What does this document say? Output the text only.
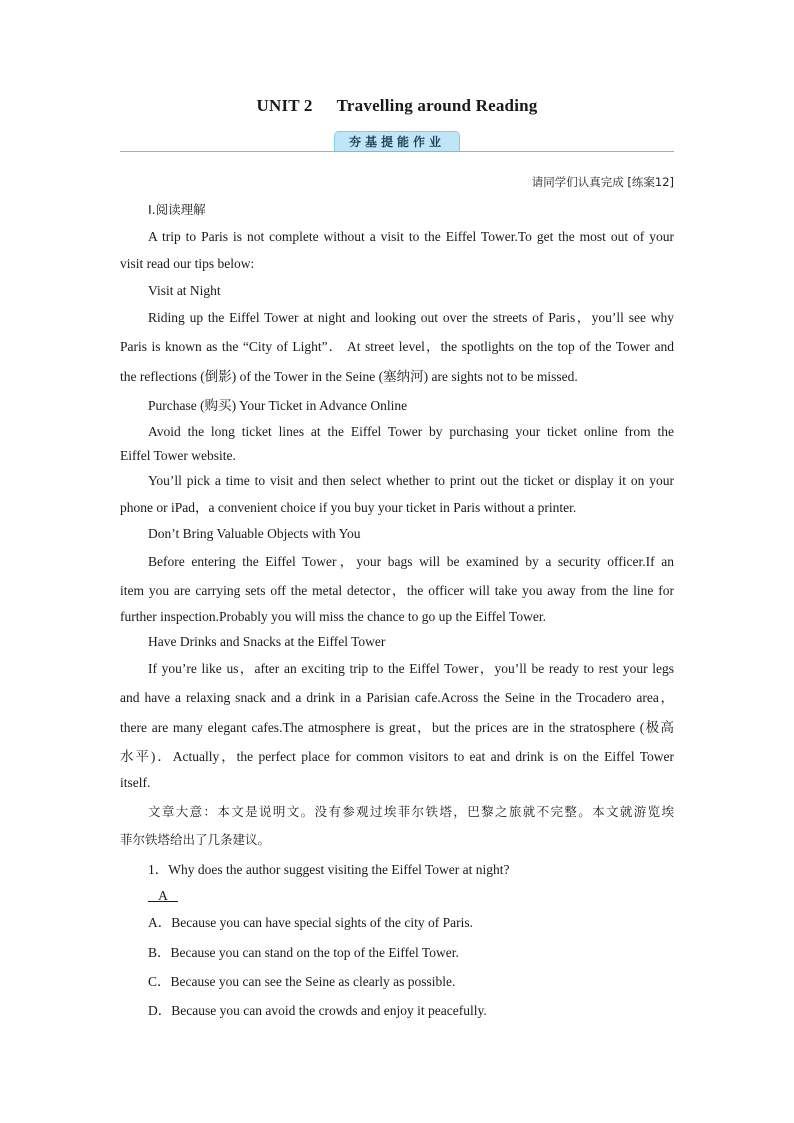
UNIT 2 Travelling around Reading
夯基提能作业
请同学们认真完成 [练案12]
Ⅰ.阅读理解
A trip to Paris is not complete without a visit to the Eiffel Tower.To get the most out of your
visit read our tips below:
Visit at Night
Riding up the Eiffel Tower at night and looking out over the streets of Paris，you’ll see why
Paris is known as the “City of Light”． At street level，the spotlights on the top of the Tower and
the reflections (倒影) of the Tower in the Seine (塞纳河) are sights not to be missed.
Purchase (购买) Your Ticket in Advance Online
Avoid the long ticket lines at the Eiffel Tower by purchasing your ticket online from the
Eiffel Tower website.
You’ll pick a time to visit and then select whether to print out the ticket or display it on your
phone or iPad，a convenient choice if you buy your ticket in Paris without a printer.
Don’t Bring Valuable Objects with You
Before entering the Eiffel Tower，your bags will be examined by a security officer.If an
item you are carrying sets off the metal detector，the officer will take you away from the line for
further inspection.Probably you will miss the chance to go up the Eiffel Tower.
Have Drinks and Snacks at the Eiffel Tower
If you’re like us，after an exciting trip to the Eiffel Tower，you’ll be ready to rest your legs
and have a relaxing snack and a drink in a Parisian cafe.Across the Seine in the Trocadero area，
there are many elegant cafes.The atmosphere is great，but the prices are in the stratosphere (极高
水平)．Actually，the perfect place for common visitors to eat and drink is on the Eiffel Tower
itself.
文章大意：本文是说明文。没有参观过埃菲尔铁塔，巴黎之旅就不完整。本文就游览埃
菲尔铁塔给出了几条建议。
1．Why does the author suggest visiting the Eiffel Tower at night?
A
A．Because you can have special sights of the city of Paris.
B．Because you can stand on the top of the Eiffel Tower.
C．Because you can see the Seine as clearly as possible.
D．Because you can avoid the crowds and enjoy it peacefully.
